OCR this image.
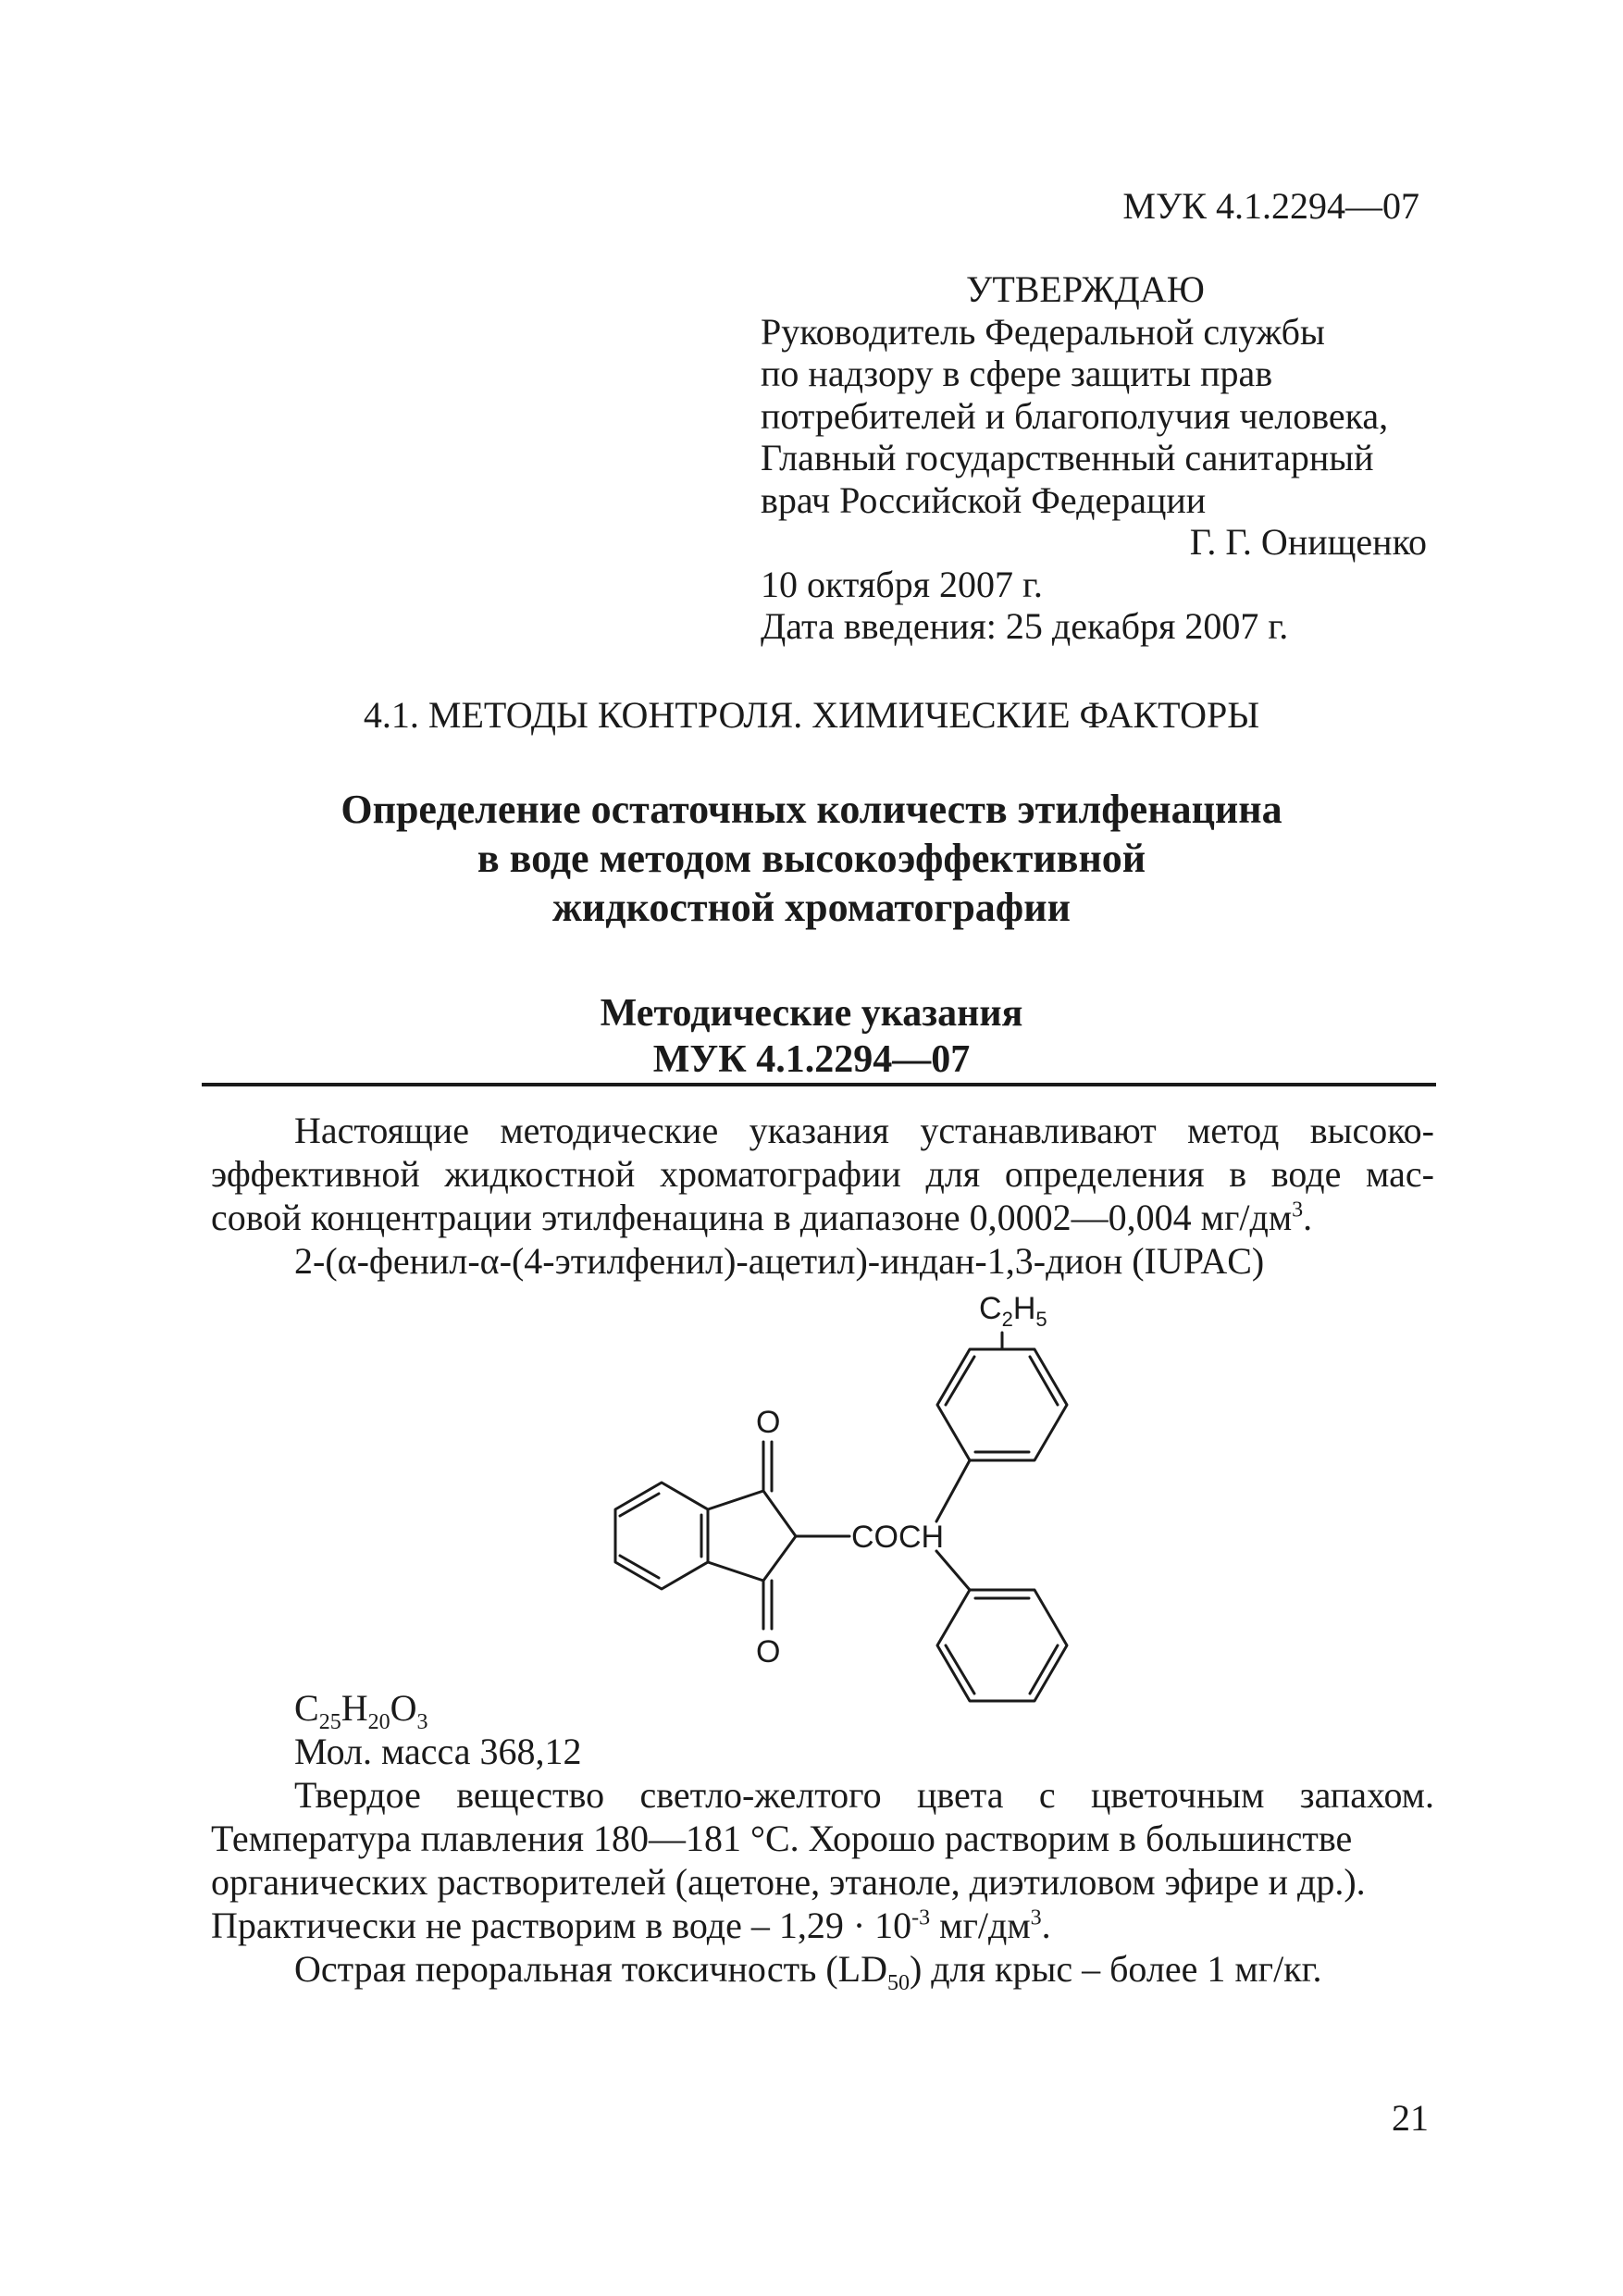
МУК 4.1.2294—07
УТВЕРЖДАЮ
Руководитель Федеральной службы
по надзору в сфере защиты прав
потребителей и благополучия человека,
Главный государственный санитарный
врач Российской Федерации
Г. Г. Онищенко
10 октября 2007 г.
Дата введения: 25 декабря 2007 г.
4.1. МЕТОДЫ КОНТРОЛЯ. ХИМИЧЕСКИЕ ФАКТОРЫ
Определение остаточных количеств этилфенацина
в воде методом высокоэффективной
жидкостной хроматографии
Методические указания
МУК 4.1.2294—07
Настоящие методические указания устанавливают метод высоко-
эффективной жидкостной хроматографии для определения в воде мас-
совой концентрации этилфенацина в диапазоне 0,0002—0,004 $мг/дм^3$.
2-(α-фенил-α-(4-этилфенил)-ацетил)-индан-1,3-дион (IUPAC)
$C_2H_5$
O
O
COCH
$C_{25}H_{20}O_3$
Мол. масса 368,12
Твердое вещество светло-желтого цвета с цветочным запахом.
Температура плавления 180—181 °С. Хорошо растворим в большинстве
органических растворителей (ацетоне, этаноле, диэтиловом эфире и др.).
Практически не растворим в воде – $1,29 \cdot 10^{-3}$ $мг/дм^3$.
Острая пероральная токсичность $(LD_{50})$ для крыс – более 1 мг/кг.
21
